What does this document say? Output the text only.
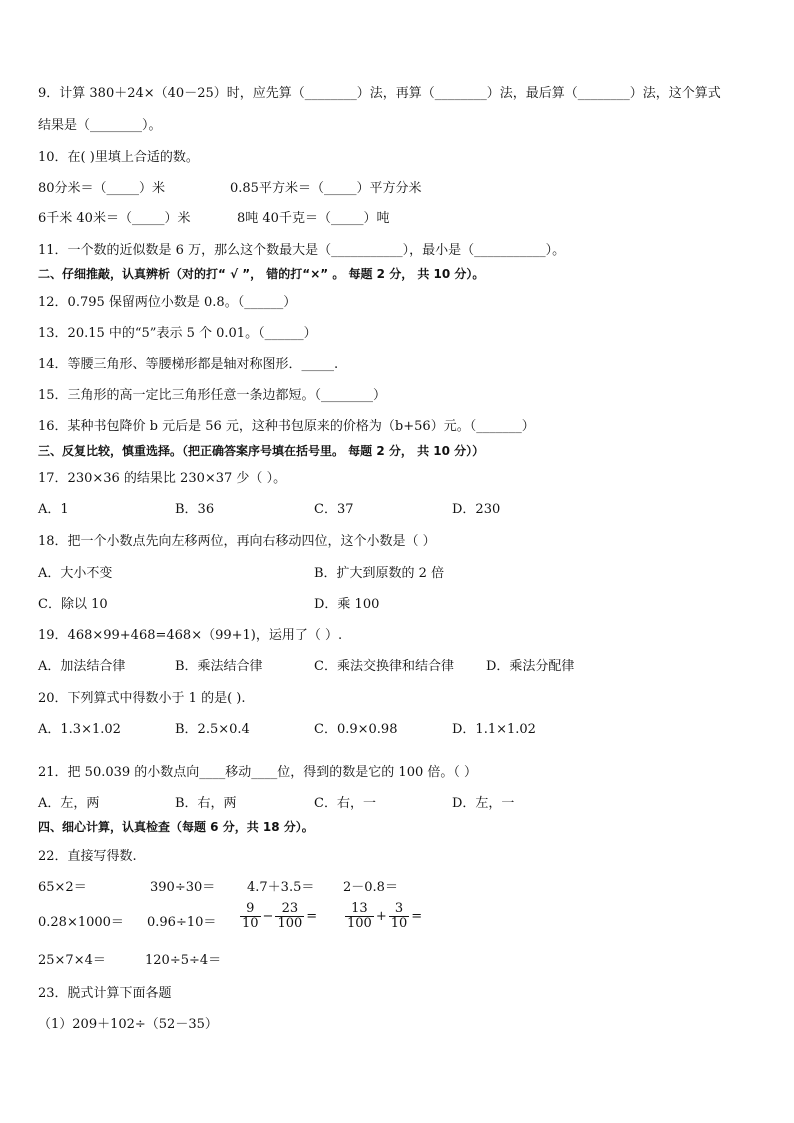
9．计算 380＋24×（40－25）时，应先算（________）法，再算（________）法，最后算（________）法，这个算式
结果是（________）。
10．在( )里填上合适的数。
80分米＝（_____）米	0.85平方米＝（_____）平方分米
6千米 40米＝（_____）米	8吨 40千克＝（_____）吨
11．一个数的近似数是 6 万，那么这个数最大是（___________），最小是（___________）。
二、仔细推敲，认真辨析（对的打“ √ ”， 错的打“×” 。 每题 2 分， 共 10 分）。
12．0.795 保留两位小数是 0.8。（______）
13．20.15 中的“5”表示 5 个 0.01。（______）
14．等腰三角形、等腰梯形都是轴对称图形．_____.
15．三角形的高一定比三角形任意一条边都短。（________）
16．某种书包降价 b 元后是 56 元，这种书包原来的价格为（b+56）元。（_______）
三、反复比较，慎重选择。（把正确答案序号填在括号里。 每题 2 分， 共 10 分））
17．230×36 的结果比 230×37 少（ ）。
A．1	B．36	C．37	D．230
18．把一个小数点先向左移两位，再向右移动四位，这个小数是（ ）
A．大小不变	B．扩大到原数的 2 倍
C．除以 10	D．乘 100
19．468×99+468=468×（99+1)，运用了（ ）.
A．加法结合律	B．乘法结合律	C．乘法交换律和结合律 D．乘法分配律
20．下列算式中得数小于 1 的是( ).
A．1.3×1.02	B．2.5×0.4	C．0.9×0.98	D．1.1×1.02
21．把 50.039 的小数点向____移动____位，得到的数是它的 100 倍。（ ）
A．左，两	B．右，两	C．右，一	D．左，一
四、细心计算，认真检查（每题 6 分，共 18 分）。
22．直接写得数.
65×2＝	390÷30＝ 4.7＋3.5＝ 2－0.8＝
$0.28\times 1000= 0.96\div 10= \frac{9}{10} - \frac{23}{100} = \frac{13}{100} + \frac{3}{10}$ =
25×7×4＝	120÷5÷4＝
23．脱式计算下面各题
（1）209＋102÷（52－35）
